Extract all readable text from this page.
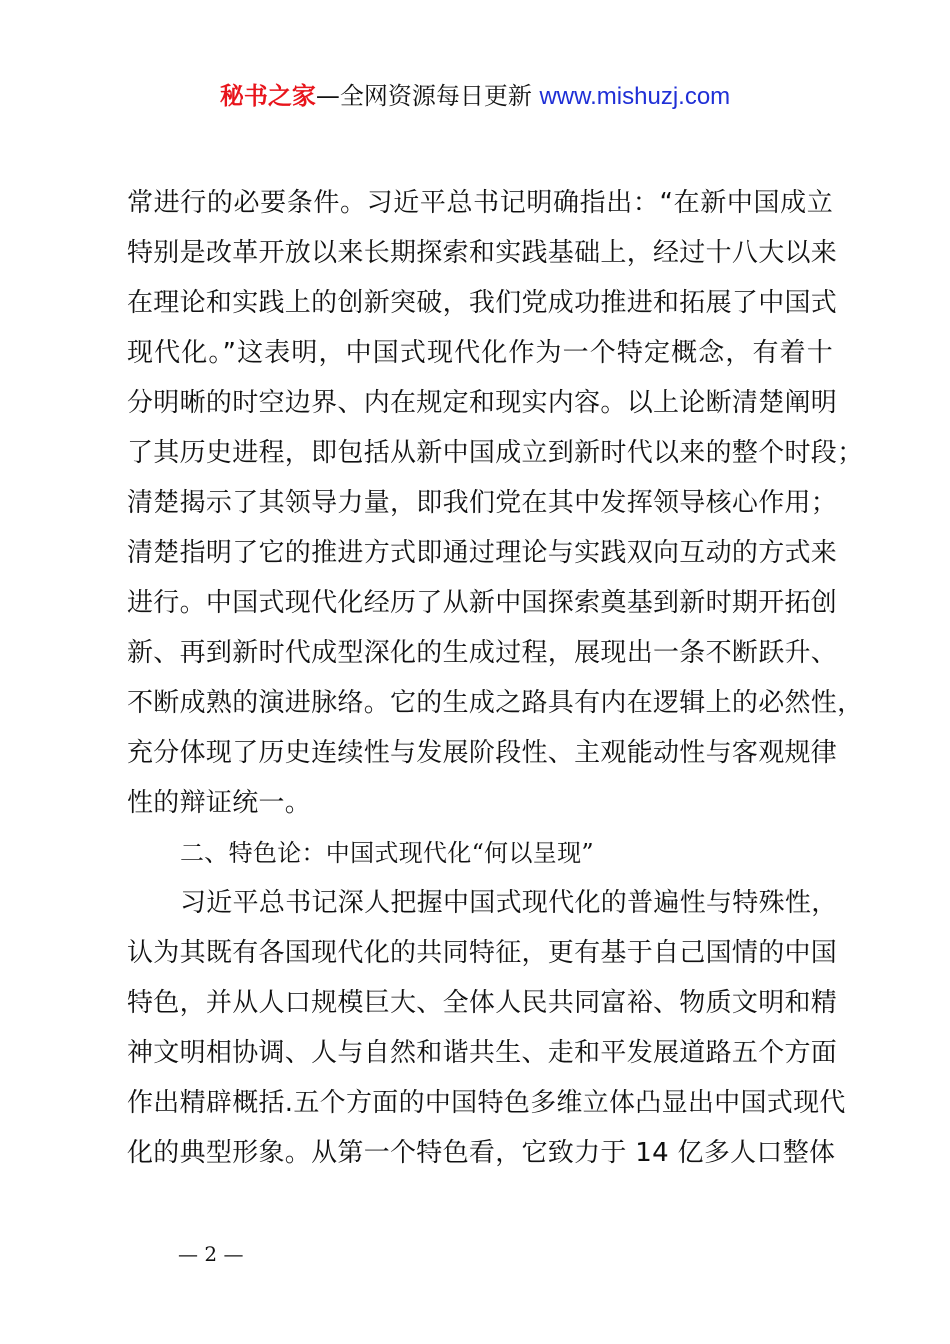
秘书之家—全网资源每日更新 www.mishuzj.com
常进行的必要条件。习近平总书记明确指出：“在新中国成立
特别是改革开放以来长期探索和实践基础上，经过十八大以来
在理论和实践上的创新突破，我们党成功推进和拓展了中国式
现代化。”这表明，中国式现代化作为一个特定概念，有着十
分明晰的时空边界、内在规定和现实内容。以上论断清楚阐明
了其历史进程，即包括从新中国成立到新时代以来的整个时段；
清楚揭示了其领导力量，即我们党在其中发挥领导核心作用；
清楚指明了它的推进方式即通过理论与实践双向互动的方式来
进行。中国式现代化经历了从新中国探索奠基到新时期开拓创
新、再到新时代成型深化的生成过程，展现出一条不断跃升、
不断成熟的演进脉络。它的生成之路具有内在逻辑上的必然性，
充分体现了历史连续性与发展阶段性、主观能动性与客观规律
性的辩证统一。
二、特色论：中国式现代化“何以呈现”
习近平总书记深人把握中国式现代化的普遍性与特殊性，
认为其既有各国现代化的共同特征，更有基于自己国情的中国
特色，并从人口规模巨大、全体人民共同富裕、物质文明和精
神文明相协调、人与自然和谐共生、走和平发展道路五个方面
作出精辟概括.五个方面的中国特色多维立体凸显出中国式现代
化的典型形象。从第一个特色看，它致力于 14 亿多人口整体
— 2 —
